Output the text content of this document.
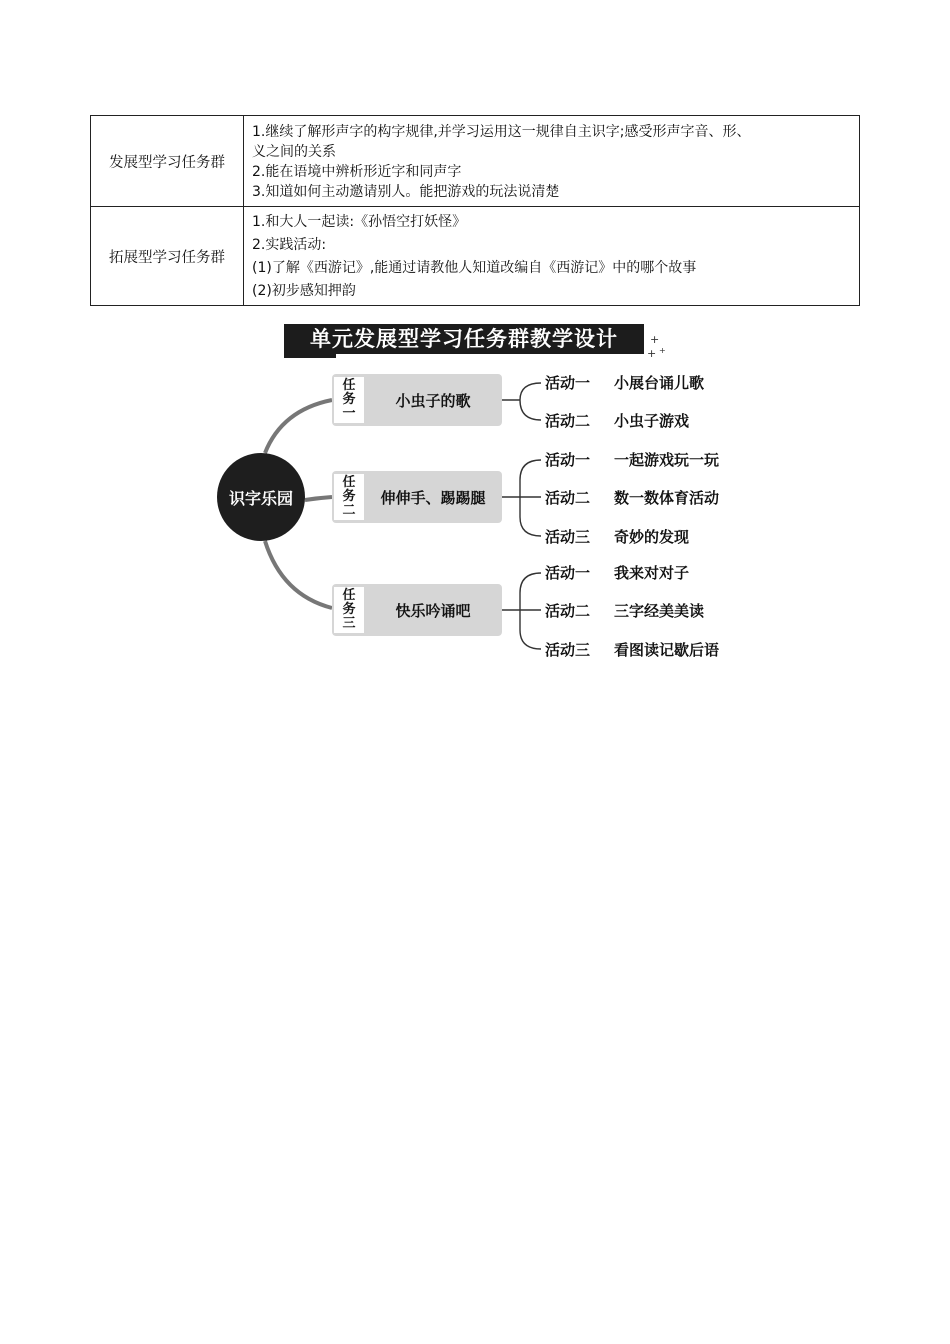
发展型学习任务群	1.继续了解形声字的构字规律,并学习运用这一规律自主识字;感受形声字音、形、
义之间的关系
2.能在语境中辨析形近字和同声字
3.知道如何主动邀请别人。能把游戏的玩法说清楚

拓展型学习任务群	1.和大人一起读:《孙悟空打妖怪》
2.实践活动:
(1)了解《西游记》,能通过请教他人知道改编自《西游记》中的哪个故事
(2)初步感知押韵
单元发展型学习任务群教学设计	+
+
+
识字乐园
任
务
一
小虫子的歌
任
务
二
伸伸手、踢踢腿
任
务
三
快乐吟诵吧
活动一 小展台诵儿歌
活动二 小虫子游戏
活动一 一起游戏玩一玩
活动二 数一数体育活动
活动三 奇妙的发现
活动一 我来对对子
活动二 三字经美美读
活动三 看图读记歇后语
